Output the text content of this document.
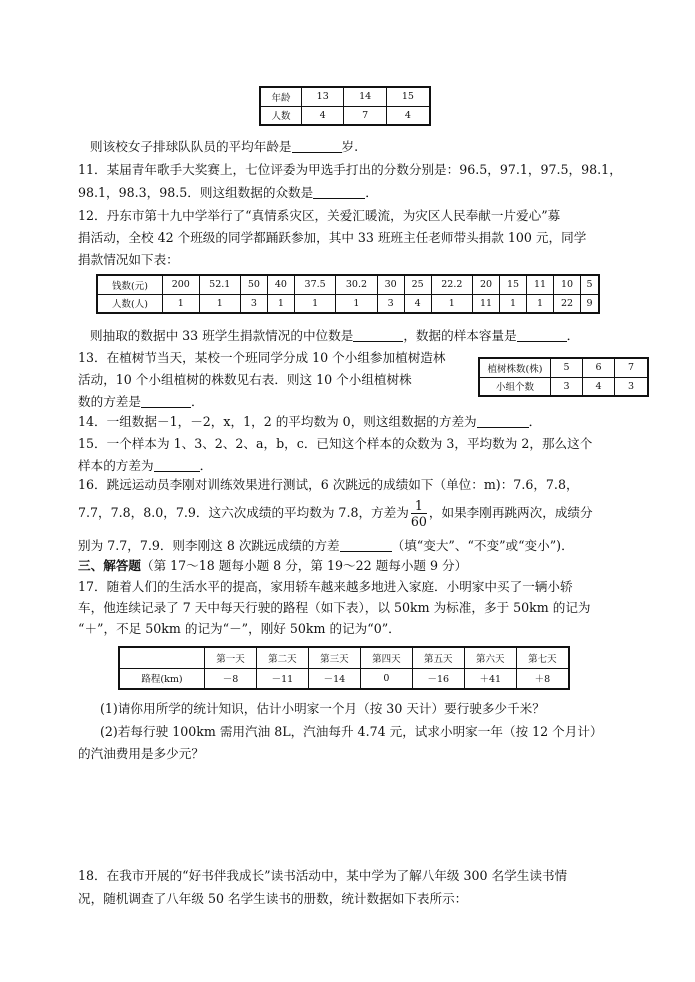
年龄	13	14	15
人数	4	7	4
则该校女子排球队队员的平均年龄是	岁.
11．某届青年歌手大奖赛上，七位评委为甲选手打出的分数分别是：96.5，97.1，97.5，98.1，
98.1，98.3，98.5．则这组数据的众数是	．
12．丹东市第十九中学举行了“真情系灾区，关爱汇暖流，为灾区人民奉献一片爱心”募
捐活动，全校 42 个班级的同学都踊跃参加，其中 33 班班主任老师带头捐款 100 元，同学
捐款情况如下表：
钱数(元)	200	52.1	50	40	37.5	30.2	30	25	22.2	20	15	11	10	5
人数(人)	1	1	3	1	1	1	3	4	1	11	1	1	22	9
则抽取的数据中 33 班学生捐款情况的中位数是	，数据的样本容量是	．
13．在植树节当天，某校一个班同学分成 10 个小组参加植树造林
活动，10 个小组植树的株数见右表．则这 10 个小组植树株
数的方差是	．
植树株数(株)	5	6	7
小组个数	3	4	3
14．一组数据－1，－2，x，1，2 的平均数为 0，则这组数据的方差为	．
15．一个样本为 1、3、2、2、a，b，c．已知这个样本的众数为 3，平均数为 2，那么这个
样本的方差为	．
16．跳远运动员李刚对训练效果进行测试，6 次跳远的成绩如下（单位：m)：7.6，7.8，
7.7，7.8，8.0，7.9．这六次成绩的平均数为 7.8，方差为 $\frac{1}{60}$ ，如果李刚再跳两次，成绩分
别为 7.7，7.9．则李刚这 8 次跳远成绩的方差	（填“变大”、“不变”或“变小”)．
三、解答题（第 17～18 题每小题 8 分，第 19～22 题每小题 9 分）
17．随着人们的生活水平的提高，家用轿车越来越多地进入家庭．小明家中买了一辆小轿
车，他连续记录了 7 天中每天行驶的路程（如下表），以 50km 为标准，多于 50km 的记为
“＋”，不足 50km 的记为“－”，刚好 50km 的记为“0”．
	第一天	第二天	第三天	第四天	第五天	第六天	第七天
路程(km)	－8	－11	－14	0	－16	＋41	＋8
(1)请你用所学的统计知识，估计小明家一个月（按 30 天计）要行驶多少千米？
(2)若每行驶 100km 需用汽油 8L，汽油每升 4.74 元，试求小明家一年（按 12 个月计）
的汽油费用是多少元？
18．在我市开展的“好书伴我成长”读书活动中，某中学为了解八年级 300 名学生读书情
况，随机调查了八年级 50 名学生读书的册数，统计数据如下表所示：
